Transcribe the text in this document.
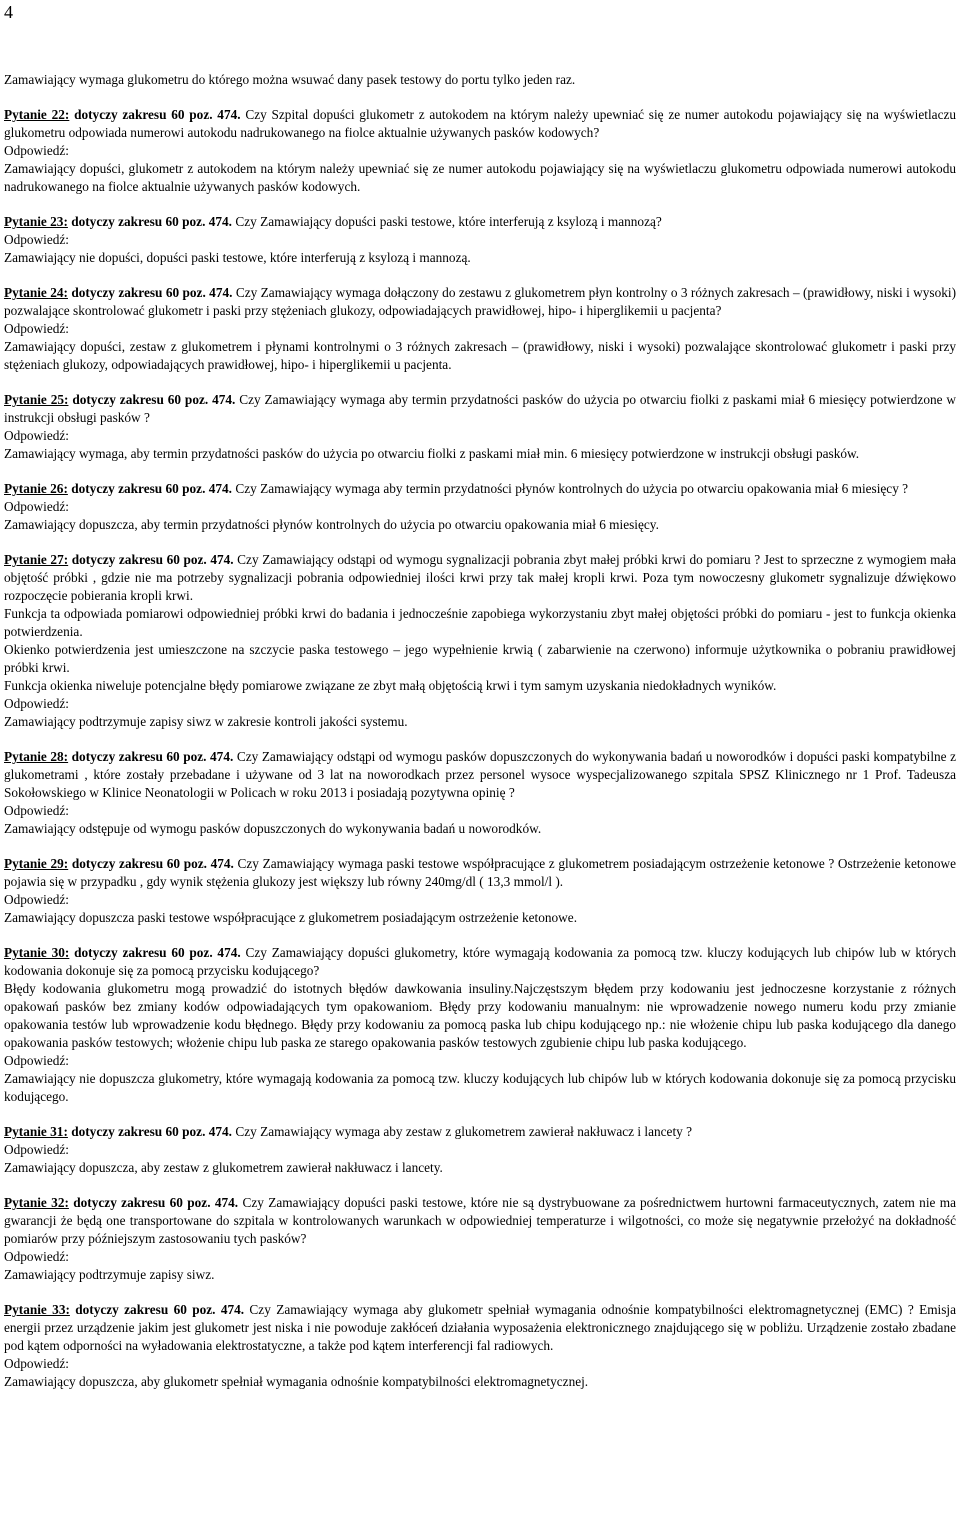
4

Zamawiający wymaga glukometru do którego można wsuwać dany pasek testowy do portu tylko jeden raz.

Pytanie 22: dotyczy zakresu 60 poz. 474. Czy Szpital dopuści glukometr z autokodem na którym należy upewniać się ze numer autokodu pojawiający się na wyświetlaczu glukometru odpowiada numerowi autokodu nadrukowanego na fiolce aktualnie używanych pasków kodowych?

Odpowiedź:

Zamawiający dopuści, glukometr z autokodem na którym należy upewniać się ze numer autokodu pojawiający się na wyświetlaczu glukometru odpowiada numerowi autokodu nadrukowanego na fiolce aktualnie używanych pasków kodowych.

Pytanie 23: dotyczy zakresu 60 poz. 474. Czy Zamawiający dopuści paski testowe, które interferują z ksylozą i mannozą?

Odpowiedź:

Zamawiający nie dopuści, dopuści paski testowe, które interferują z ksylozą i mannozą.

Pytanie 24: dotyczy zakresu 60 poz. 474. Czy Zamawiający wymaga dołączony do zestawu z glukometrem płyn kontrolny o 3 różnych zakresach – (prawidłowy, niski i wysoki) pozwalające skontrolować glukometr i paski przy stężeniach glukozy, odpowiadających prawidłowej, hipo- i hiperglikemii u pacjenta?

Odpowiedź:

Zamawiający dopuści, zestaw z glukometrem i płynami kontrolnymi o 3 różnych zakresach – (prawidłowy, niski i wysoki) pozwalające skontrolować glukometr i paski przy stężeniach glukozy, odpowiadających prawidłowej, hipo- i hiperglikemii u pacjenta.

Pytanie 25: dotyczy zakresu 60 poz. 474. Czy Zamawiający wymaga aby termin przydatności pasków do użycia po otwarciu fiolki z paskami miał 6 miesięcy potwierdzone w instrukcji obsługi pasków ?

Odpowiedź:

Zamawiający wymaga, aby termin przydatności pasków do użycia po otwarciu fiolki z paskami miał min. 6 miesięcy potwierdzone w instrukcji obsługi pasków.

Pytanie 26: dotyczy zakresu 60 poz. 474. Czy Zamawiający wymaga aby termin przydatności płynów kontrolnych do użycia po otwarciu opakowania miał 6 miesięcy ?

Odpowiedź:

Zamawiający dopuszcza, aby termin przydatności płynów kontrolnych do użycia po otwarciu opakowania miał 6 miesięcy.

Pytanie 27: dotyczy zakresu 60 poz. 474. Czy Zamawiający odstąpi od wymogu sygnalizacji pobrania zbyt małej próbki krwi do pomiaru ? Jest to sprzeczne z wymogiem mała objętość próbki , gdzie nie ma potrzeby sygnalizacji pobrania odpowiedniej ilości krwi przy tak małej kropli krwi. Poza tym nowoczesny glukometr sygnalizuje dźwiękowo rozpoczęcie pobierania kropli krwi.

Funkcja ta odpowiada pomiarowi odpowiedniej próbki krwi do badania i jednocześnie zapobiega wykorzystaniu zbyt małej objętości próbki do pomiaru - jest to funkcja okienka potwierdzenia.

Okienko potwierdzenia jest umieszczone na szczycie paska testowego – jego wypełnienie krwią ( zabarwienie na czerwono) informuje użytkownika o pobraniu prawidłowej próbki krwi.

Funkcja okienka niweluje potencjalne błędy pomiarowe związane ze zbyt małą objętością krwi i tym samym uzyskania niedokładnych wyników.

Odpowiedź:

Zamawiający podtrzymuje zapisy siwz w zakresie kontroli jakości systemu.

Pytanie 28: dotyczy zakresu 60 poz. 474. Czy Zamawiający odstąpi od wymogu pasków dopuszczonych do wykonywania badań u noworodków i dopuści paski kompatybilne z glukometrami , które zostały przebadane i używane od 3 lat na noworodkach przez personel wysoce wyspecjalizowanego szpitala SPSZ Klinicznego nr 1 Prof. Tadeusza Sokołowskiego w Klinice Neonatologii w Policach w roku 2013 i posiadają pozytywna opinię ?

Odpowiedź:

Zamawiający odstępuje od wymogu pasków dopuszczonych do wykonywania badań u noworodków.

Pytanie 29: dotyczy zakresu 60 poz. 474. Czy Zamawiający wymaga paski testowe współpracujące z glukometrem posiadającym ostrzeżenie ketonowe ? Ostrzeżenie ketonowe pojawia się w przypadku , gdy wynik stężenia glukozy jest większy lub równy 240mg/dl ( 13,3 mmol/l ).

Odpowiedź:

Zamawiający dopuszcza paski testowe współpracujące z glukometrem posiadającym ostrzeżenie ketonowe.

Pytanie 30: dotyczy zakresu 60 poz. 474. Czy Zamawiający dopuści glukometry, które wymagają kodowania za pomocą tzw. kluczy kodujących lub chipów lub w których kodowania dokonuje się za pomocą przycisku kodującego?

Błędy kodowania glukometru mogą prowadzić do istotnych błędów dawkowania insuliny.Najczęstszym błędem przy kodowaniu jest jednoczesne korzystanie z różnych opakowań pasków bez zmiany kodów odpowiadających tym opakowaniom. Błędy przy kodowaniu manualnym: nie wprowadzenie nowego numeru kodu przy zmianie opakowania testów lub wprowadzenie kodu błędnego. Błędy przy kodowaniu za pomocą paska lub chipu kodującego np.: nie włożenie chipu lub paska kodującego dla danego opakowania pasków testowych; włożenie chipu lub paska ze starego opakowania pasków testowych zgubienie chipu lub paska kodującego.

Odpowiedź:

Zamawiający nie dopuszcza glukometry, które wymagają kodowania za pomocą tzw. kluczy kodujących lub chipów lub w których kodowania dokonuje się za pomocą przycisku kodującego.

Pytanie 31: dotyczy zakresu 60 poz. 474. Czy Zamawiający wymaga aby zestaw z glukometrem zawierał nakłuwacz i lancety ?

Odpowiedź:

Zamawiający dopuszcza, aby zestaw z glukometrem zawierał nakłuwacz i lancety.

Pytanie 32: dotyczy zakresu 60 poz. 474. Czy Zamawiający dopuści paski testowe, które nie są dystrybuowane za pośrednictwem hurtowni farmaceutycznych, zatem nie ma gwarancji że będą one transportowane do szpitala w kontrolowanych warunkach w odpowiedniej temperaturze i wilgotności, co może się negatywnie przełożyć na dokładność pomiarów przy późniejszym zastosowaniu tych pasków?

Odpowiedź:

Zamawiający podtrzymuje zapisy siwz.

Pytanie 33: dotyczy zakresu 60 poz. 474. Czy Zamawiający wymaga aby glukometr spełniał wymagania odnośnie kompatybilności elektromagnetycznej (EMC) ? Emisja energii przez urządzenie jakim jest glukometr jest niska i nie powoduje zakłóceń działania wyposażenia elektronicznego znajdującego się w pobliżu. Urządzenie zostało zbadane pod kątem odporności na wyładowania elektrostatyczne, a także pod kątem interferencji fal radiowych.

Odpowiedź:

Zamawiający dopuszcza, aby glukometr spełniał wymagania odnośnie kompatybilności elektromagnetycznej.
